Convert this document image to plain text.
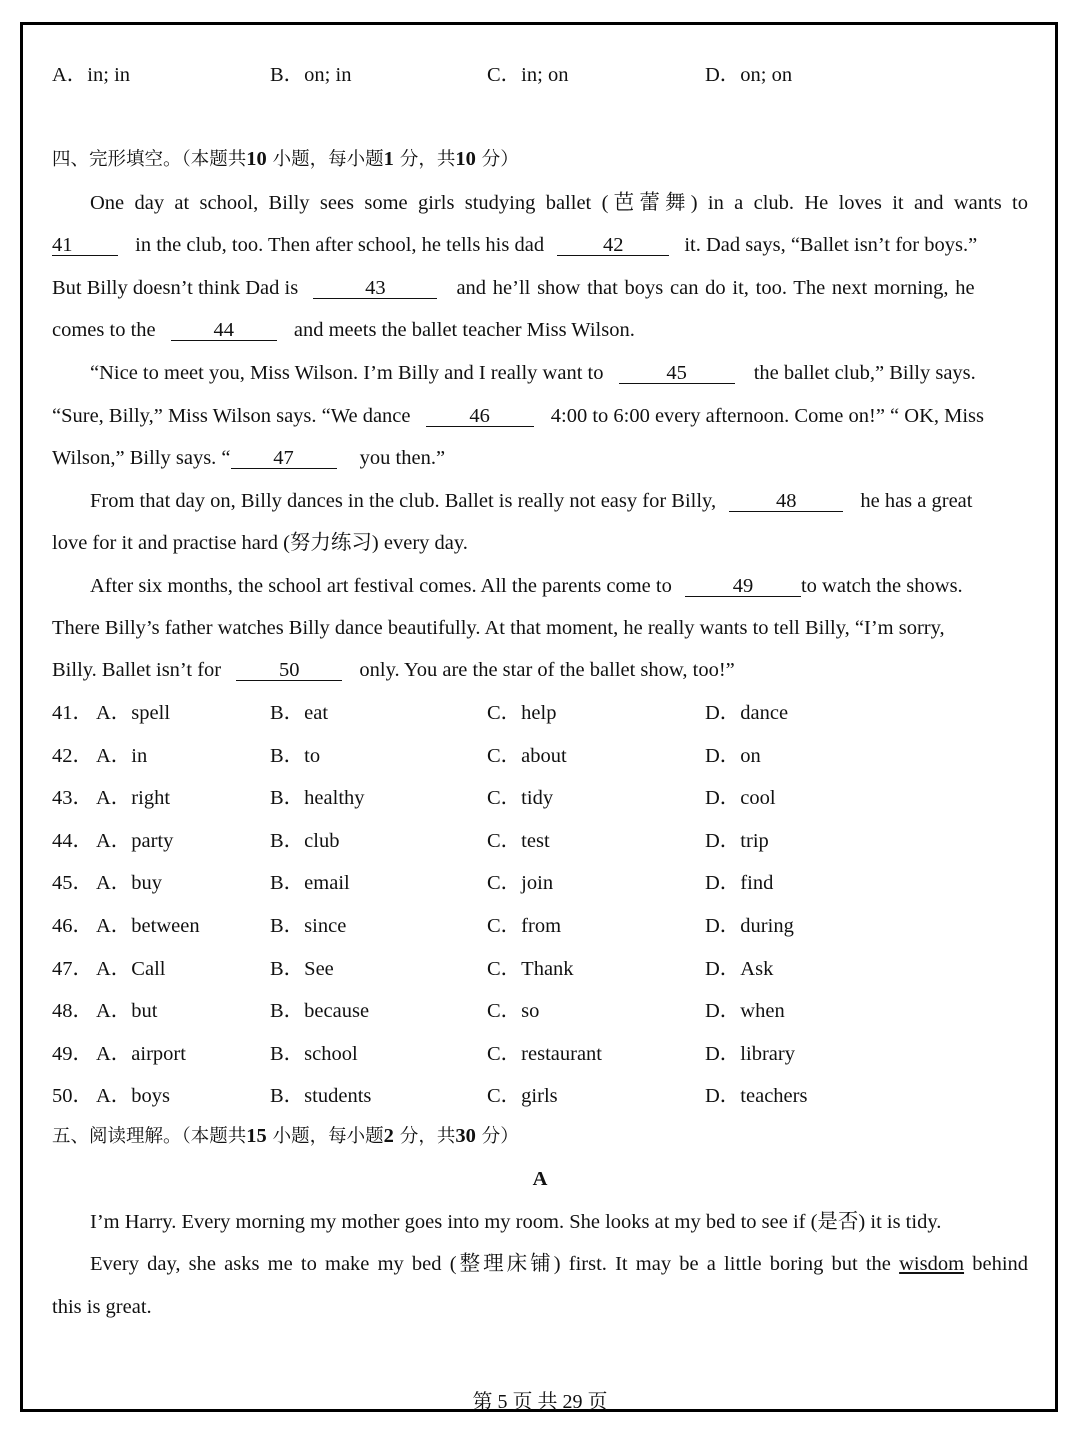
A．in; in	B．on; in	C．in; on	D．on; on
四、完形填空。（本题共10 小题，每小题1 分，共10 分）
One day at school, Billy sees some girls studying ballet (芭蕾舞) in a club. He loves it and wants to
41	in the club, too. Then after school, he tells his dad	42	it. Dad says, “Ballet isn’t for boys.”
But Billy doesn’t think Dad is	43	and he’ll show that boys can do it, too. The next morning, he
comes to the	44	and meets the ballet teacher Miss Wilson.
“Nice to meet you, Miss Wilson. I’m Billy and I really want to	45	the ballet club,” Billy says.
“Sure, Billy,” Miss Wilson says. “We dance	46	4:00 to 6:00 every afternoon. Come on!” “ OK, Miss
Wilson,” Billy says. “ 47	you then.”
From that day on, Billy dances in the club. Ballet is really not easy for Billy,	48	he has a great
love for it and practise hard (努力练习) every day.
After six months, the school art festival comes. All the parents come to	49 to watch the shows.
There Billy’s father watches Billy dance beautifully. At that moment, he really wants to tell Billy, “I’m sorry,
Billy. Ballet isn’t for	50	only. You are the star of the ballet show, too!”
41． A．spell	B．eat	C．help	D．dance
42． A．in	B．to	C．about	D．on
43． A．right	B．healthy	C．tidy	D．cool
44． A．party	B．club	C．test	D．trip
45． A．buy	B．email	C．join	D．find
46． A．between	B．since	C．from	D．during
47． A．Call	B．See	C．Thank	D．Ask
48． A．but	B．because	C．so	D．when
49． A．airport	B．school	C．restaurant	D．library
50． A．boys	B．students	C．girls	D．teachers
五、阅读理解。（本题共15 小题，每小题2 分，共30 分）
A
I’m Harry. Every morning my mother goes into my room. She looks at my bed to see if (是否) it is tidy.
Every day, she asks me to make my bed (整理床铺) first. It may be a little boring but the wisdom behind
this is great.
第 5 页 共 29 页
